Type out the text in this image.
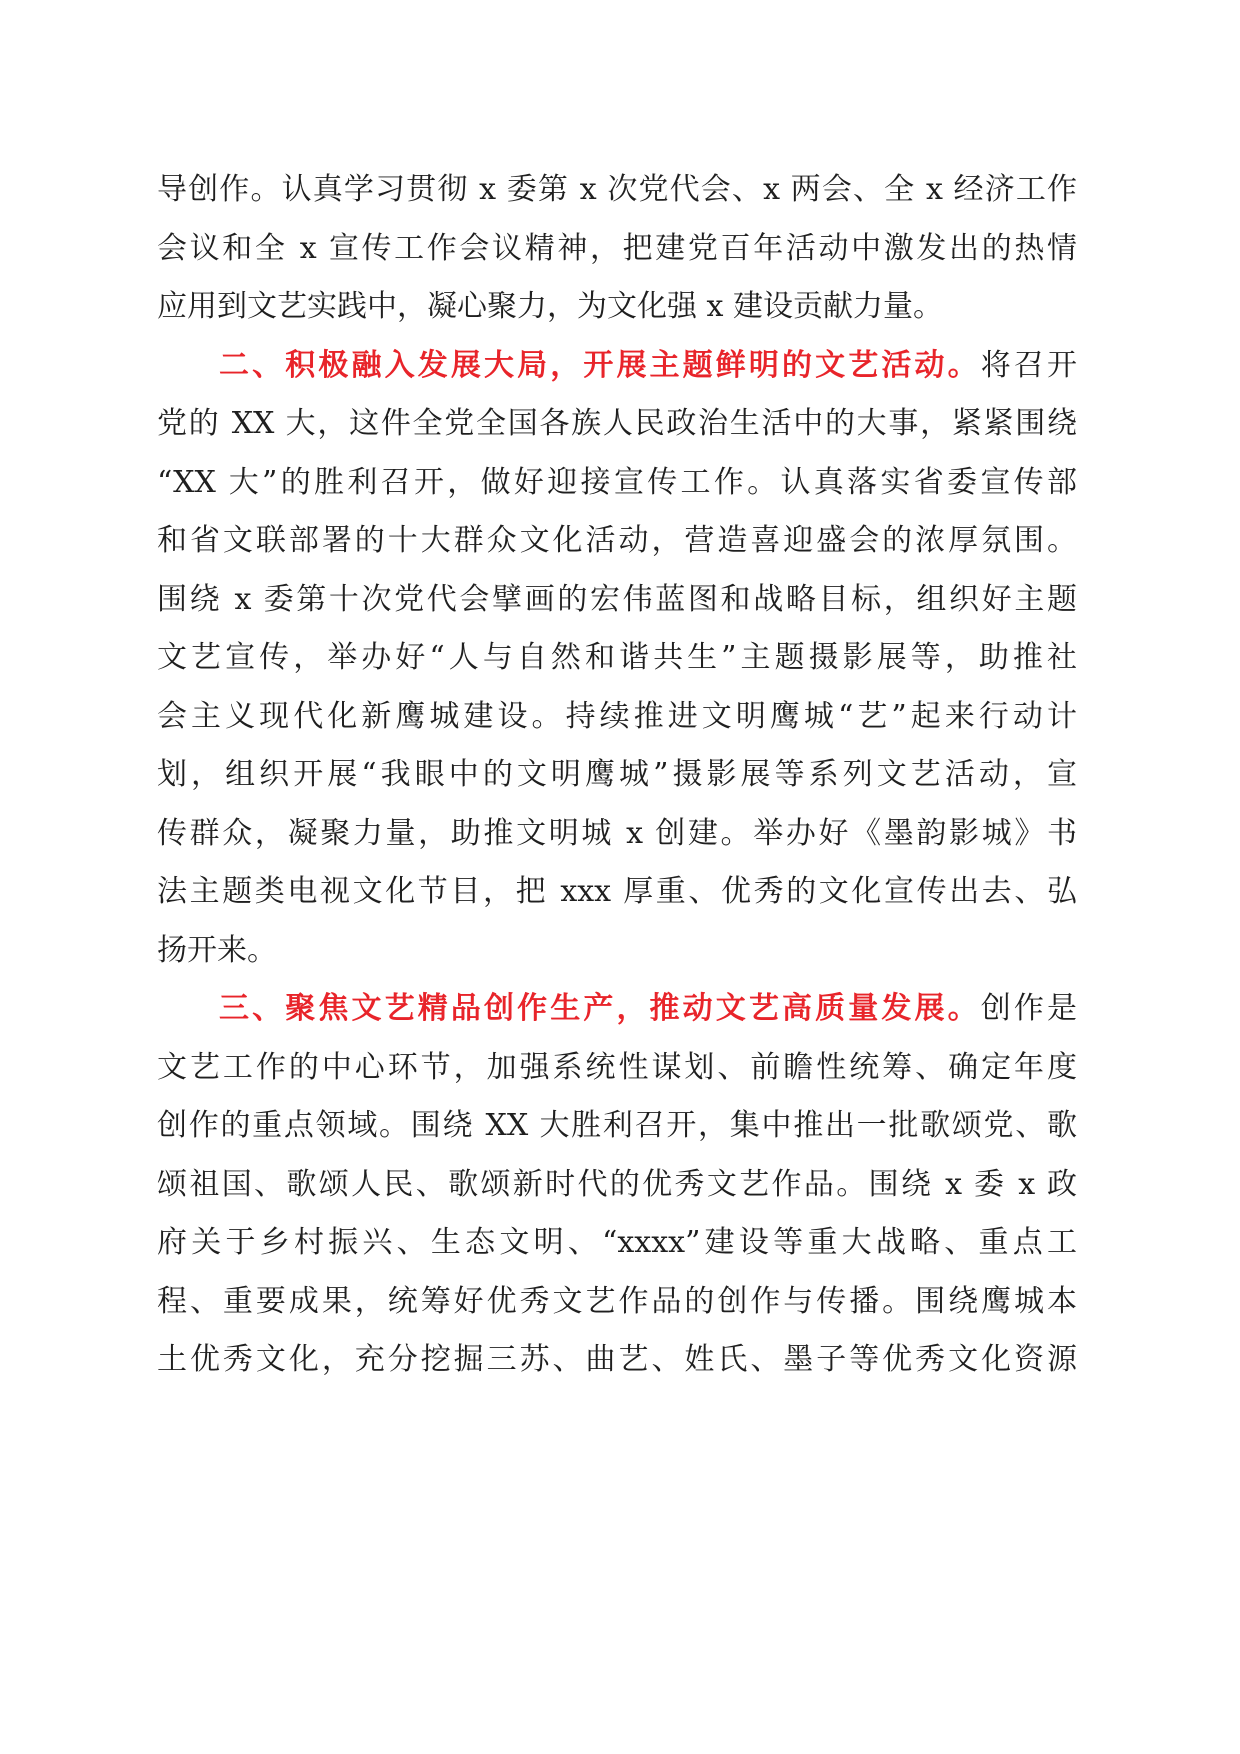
导创作。认真学习贯彻 x 委第 x 次党代会、x 两会、全 x 经济工作

会议和全 x 宣传工作会议精神，把建党百年活动中激发出的热情

应用到文艺实践中，凝心聚力，为文化强 x 建设贡献力量。

二、积极融入发展大局，开展主题鲜明的文艺活动。将召开

党的 XX 大，这件全党全国各族人民政治生活中的大事，紧紧围绕

“XX 大”的胜利召开，做好迎接宣传工作。认真落实省委宣传部

和省文联部署的十大群众文化活动，营造喜迎盛会的浓厚氛围。

围绕 x 委第十次党代会擘画的宏伟蓝图和战略目标，组织好主题

文艺宣传，举办好“人与自然和谐共生”主题摄影展等，助推社

会主义现代化新鹰城建设。持续推进文明鹰城“艺”起来行动计

划，组织开展“我眼中的文明鹰城”摄影展等系列文艺活动，宣

传群众，凝聚力量，助推文明城 x 创建。举办好《墨韵影城》书

法主题类电视文化节目，把 xxx 厚重、优秀的文化宣传出去、弘

扬开来。

三、聚焦文艺精品创作生产，推动文艺高质量发展。创作是

文艺工作的中心环节，加强系统性谋划、前瞻性统筹、确定年度

创作的重点领域。围绕 XX 大胜利召开，集中推出一批歌颂党、歌

颂祖国、歌颂人民、歌颂新时代的优秀文艺作品。围绕 x 委 x 政

府关于乡村振兴、生态文明、“xxxx”建设等重大战略、重点工

程、重要成果，统筹好优秀文艺作品的创作与传播。围绕鹰城本

土优秀文化，充分挖掘三苏、曲艺、姓氏、墨子等优秀文化资源
